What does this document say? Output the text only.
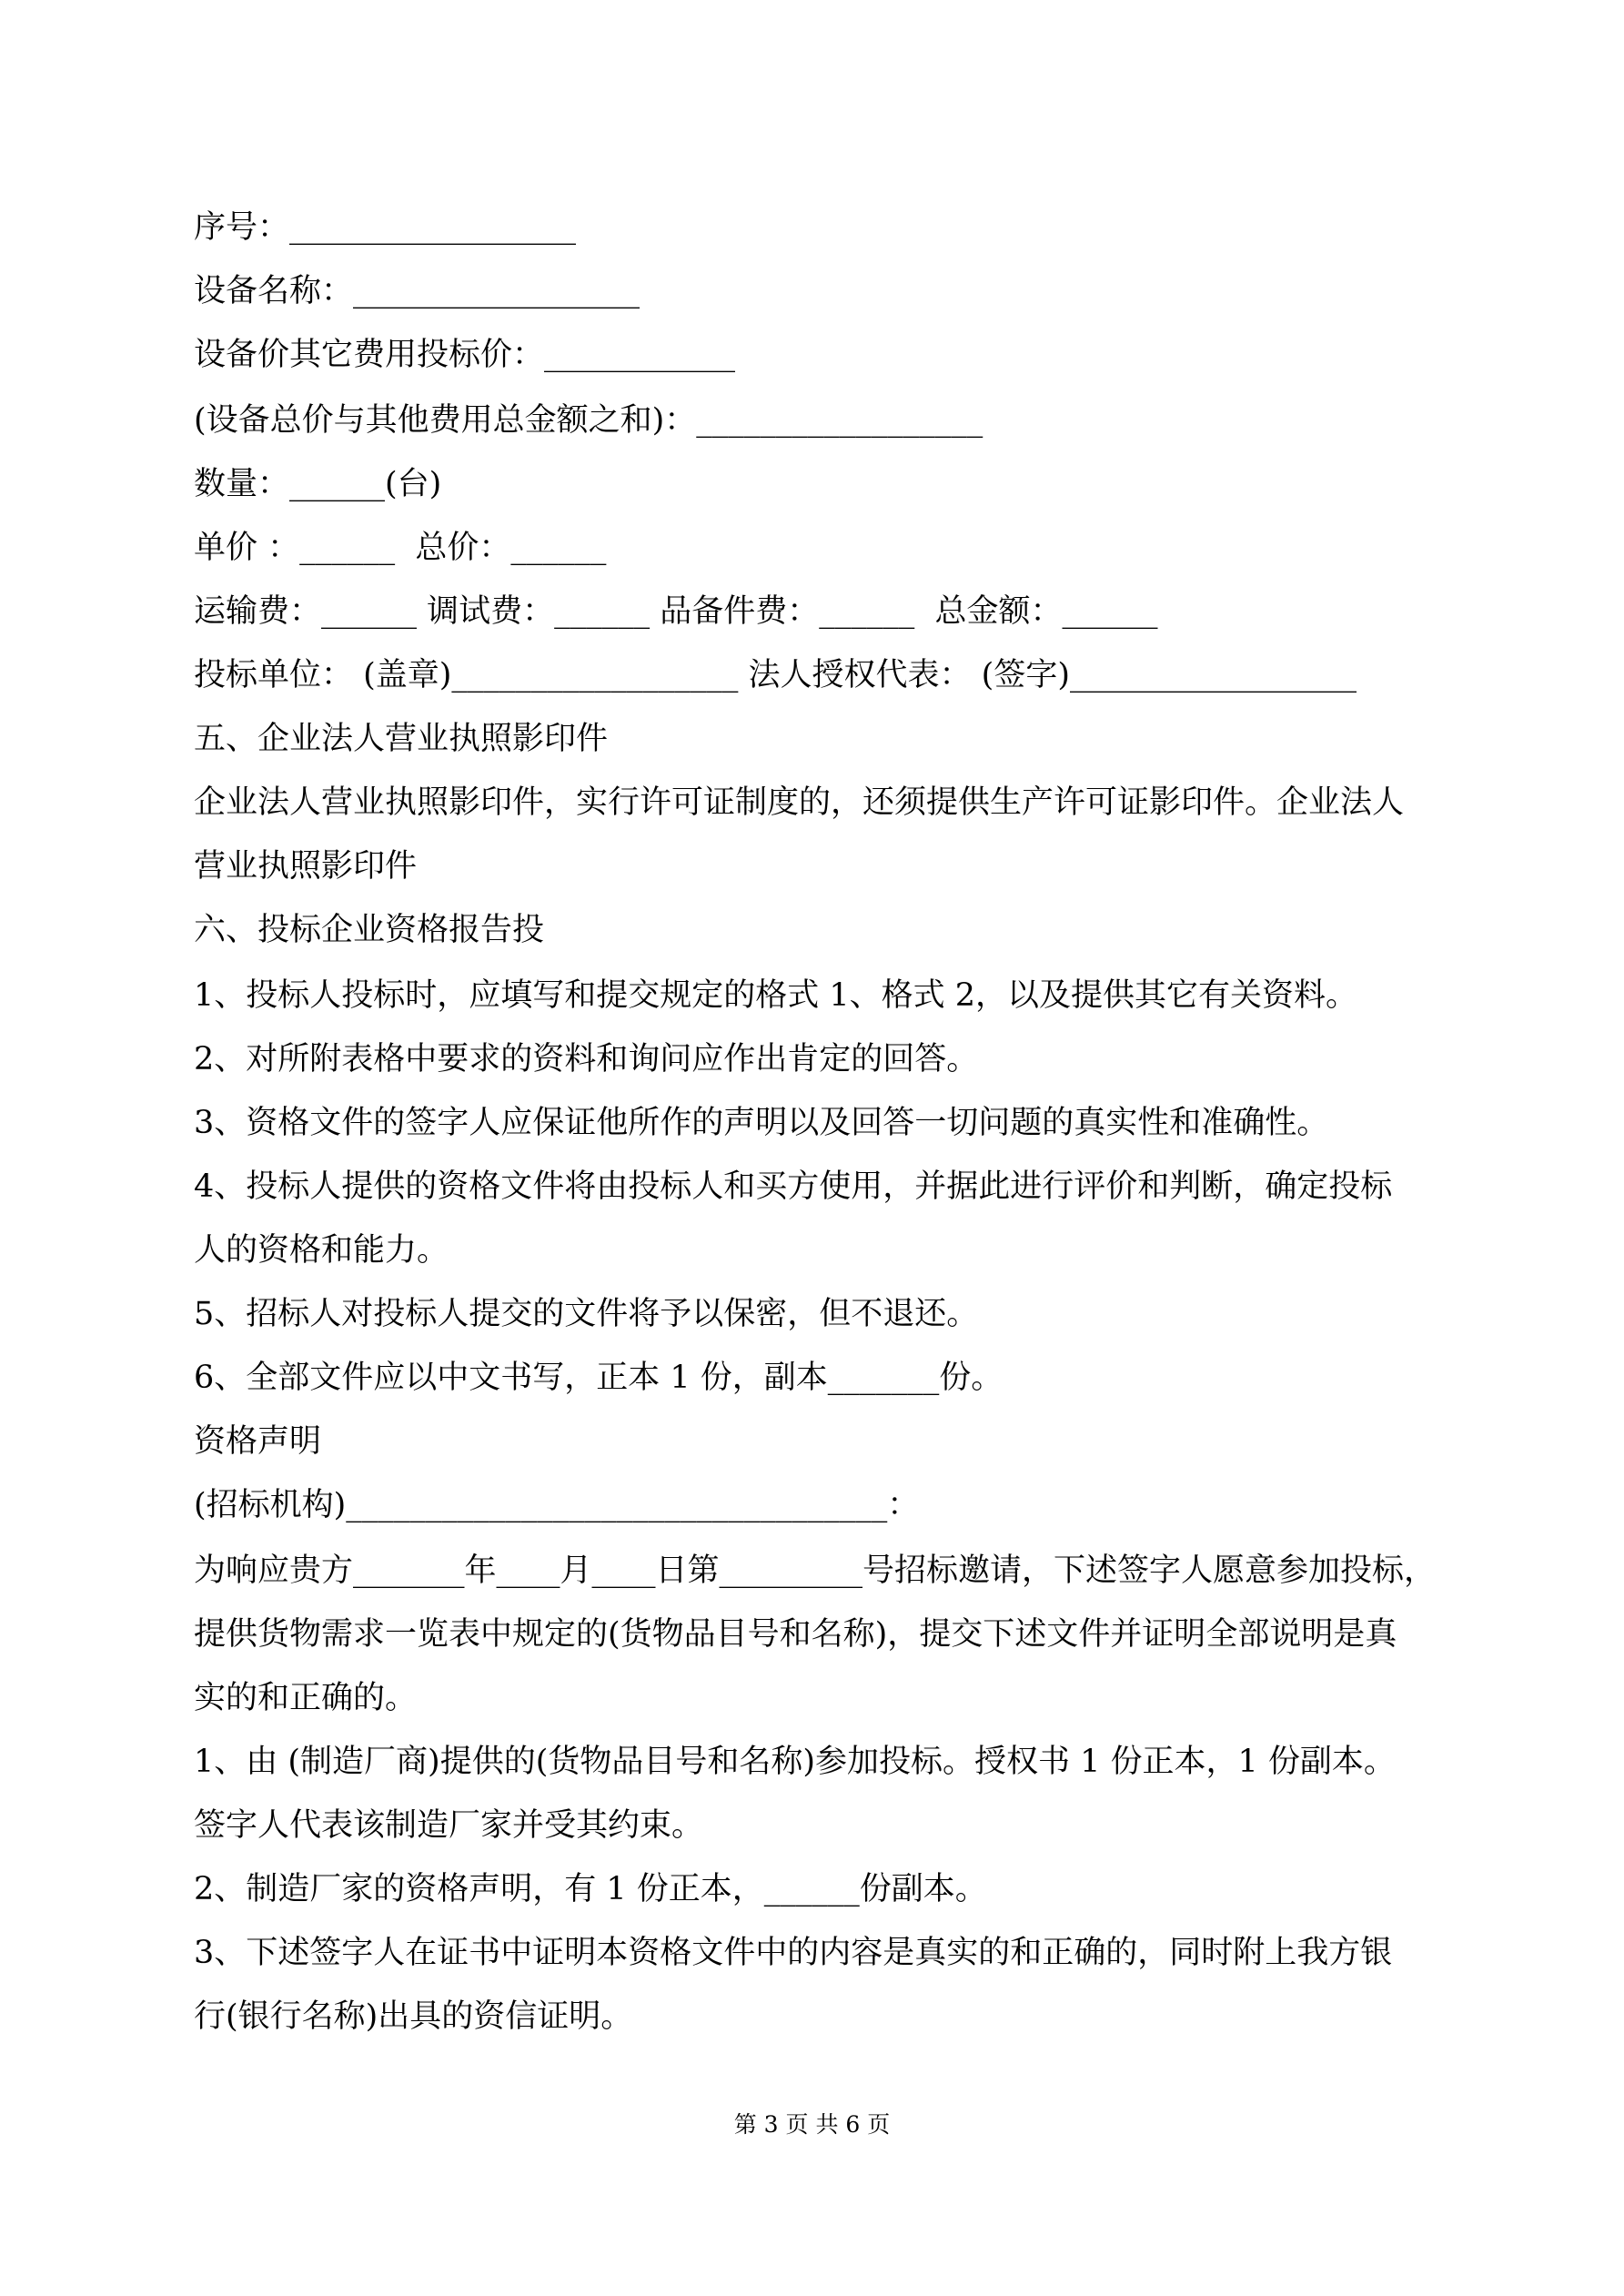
序号：__________________
设备名称：__________________
设备价其它费用投标价：____________
(设备总价与其他费用总金额之和)：__________________
数量：______(台)
单价 ：______  总价：______
运输费：______ 调试费：______ 品备件费：______  总金额：______
投标单位： (盖章)__________________ 法人授权代表： (签字)__________________
五、企业法人营业执照影印件
企业法人营业执照影印件，实行许可证制度的，还须提供生产许可证影印件。企业法人
营业执照影印件
六、投标企业资格报告投
1、投标人投标时，应填写和提交规定的格式 1、格式 2，以及提供其它有关资料。
2、对所附表格中要求的资料和询问应作出肯定的回答。
3、资格文件的签字人应保证他所作的声明以及回答一切问题的真实性和准确性。
4、投标人提供的资格文件将由投标人和买方使用，并据此进行评价和判断，确定投标
人的资格和能力。
5、招标人对投标人提交的文件将予以保密，但不退还。
6、全部文件应以中文书写，正本 1 份，副本_______份。
资格声明
(招标机构)__________________________________：
为响应贵方_______年____月____日第_________号招标邀请，下述签字人愿意参加投标，
提供货物需求一览表中规定的(货物品目号和名称)，提交下述文件并证明全部说明是真
实的和正确的。
1、由 (制造厂商)提供的(货物品目号和名称)参加投标。授权书 1 份正本，1 份副本。
签字人代表该制造厂家并受其约束。
2、制造厂家的资格声明，有 1 份正本，______份副本。
3、下述签字人在证书中证明本资格文件中的内容是真实的和正确的，同时附上我方银
行(银行名称)出具的资信证明。
第 3 页 共 6 页
